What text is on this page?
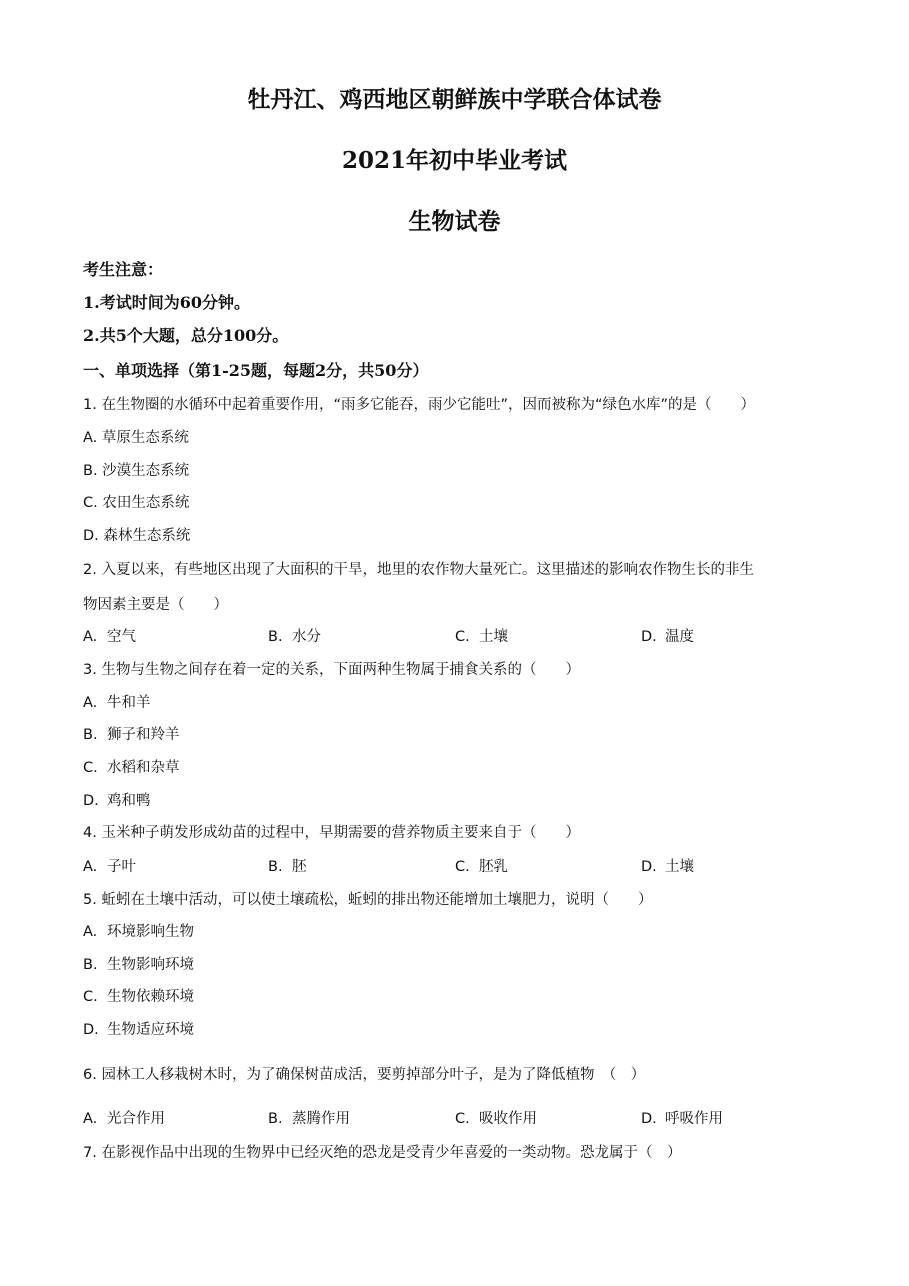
牡丹江、鸡西地区朝鲜族中学联合体试卷
2021年初中毕业考试
生物试卷
考生注意：
1.考试时间为60分钟。
2.共5个大题，总分100分。
一、单项选择（第1-25题，每题2分，共50分）
1. 在生物圈的水循环中起着重要作用，“雨多它能吞，雨少它能吐”，因而被称为“绿色水库”的是（　　）
A. 草原生态系统
B. 沙漠生态系统
C. 农田生态系统
D. 森林生态系统
2. 入夏以来，有些地区出现了大面积的干旱，地里的农作物大量死亡。这里描述的影响农作物生长的非生
物因素主要是（　　）
A. 空气	B. 水分	C. 土壤	D. 温度
3. 生物与生物之间存在着一定的关系，下面两种生物属于捕食关系的（　　）
A. 牛和羊
B. 狮子和羚羊
C. 水稻和杂草
D. 鸡和鸭
4. 玉米种子萌发形成幼苗的过程中，早期需要的营养物质主要来自于（　　）
A. 子叶	B. 胚	C. 胚乳	D. 土壤
5. 蚯蚓在土壤中活动，可以使土壤疏松，蚯蚓的排出物还能增加土壤肥力，说明（　　）
A. 环境影响生物
B. 生物影响环境
C. 生物依赖环境
D. 生物适应环境
6. 园林工人移栽树木时，为了确保树苗成活，要剪掉部分叶子，是为了降低植物　（　）
A. 光合作用	B. 蒸腾作用	C. 吸收作用	D. 呼吸作用
7. 在影视作品中出现的生物界中已经灭绝的恐龙是受青少年喜爱的一类动物。恐龙属于（　）
